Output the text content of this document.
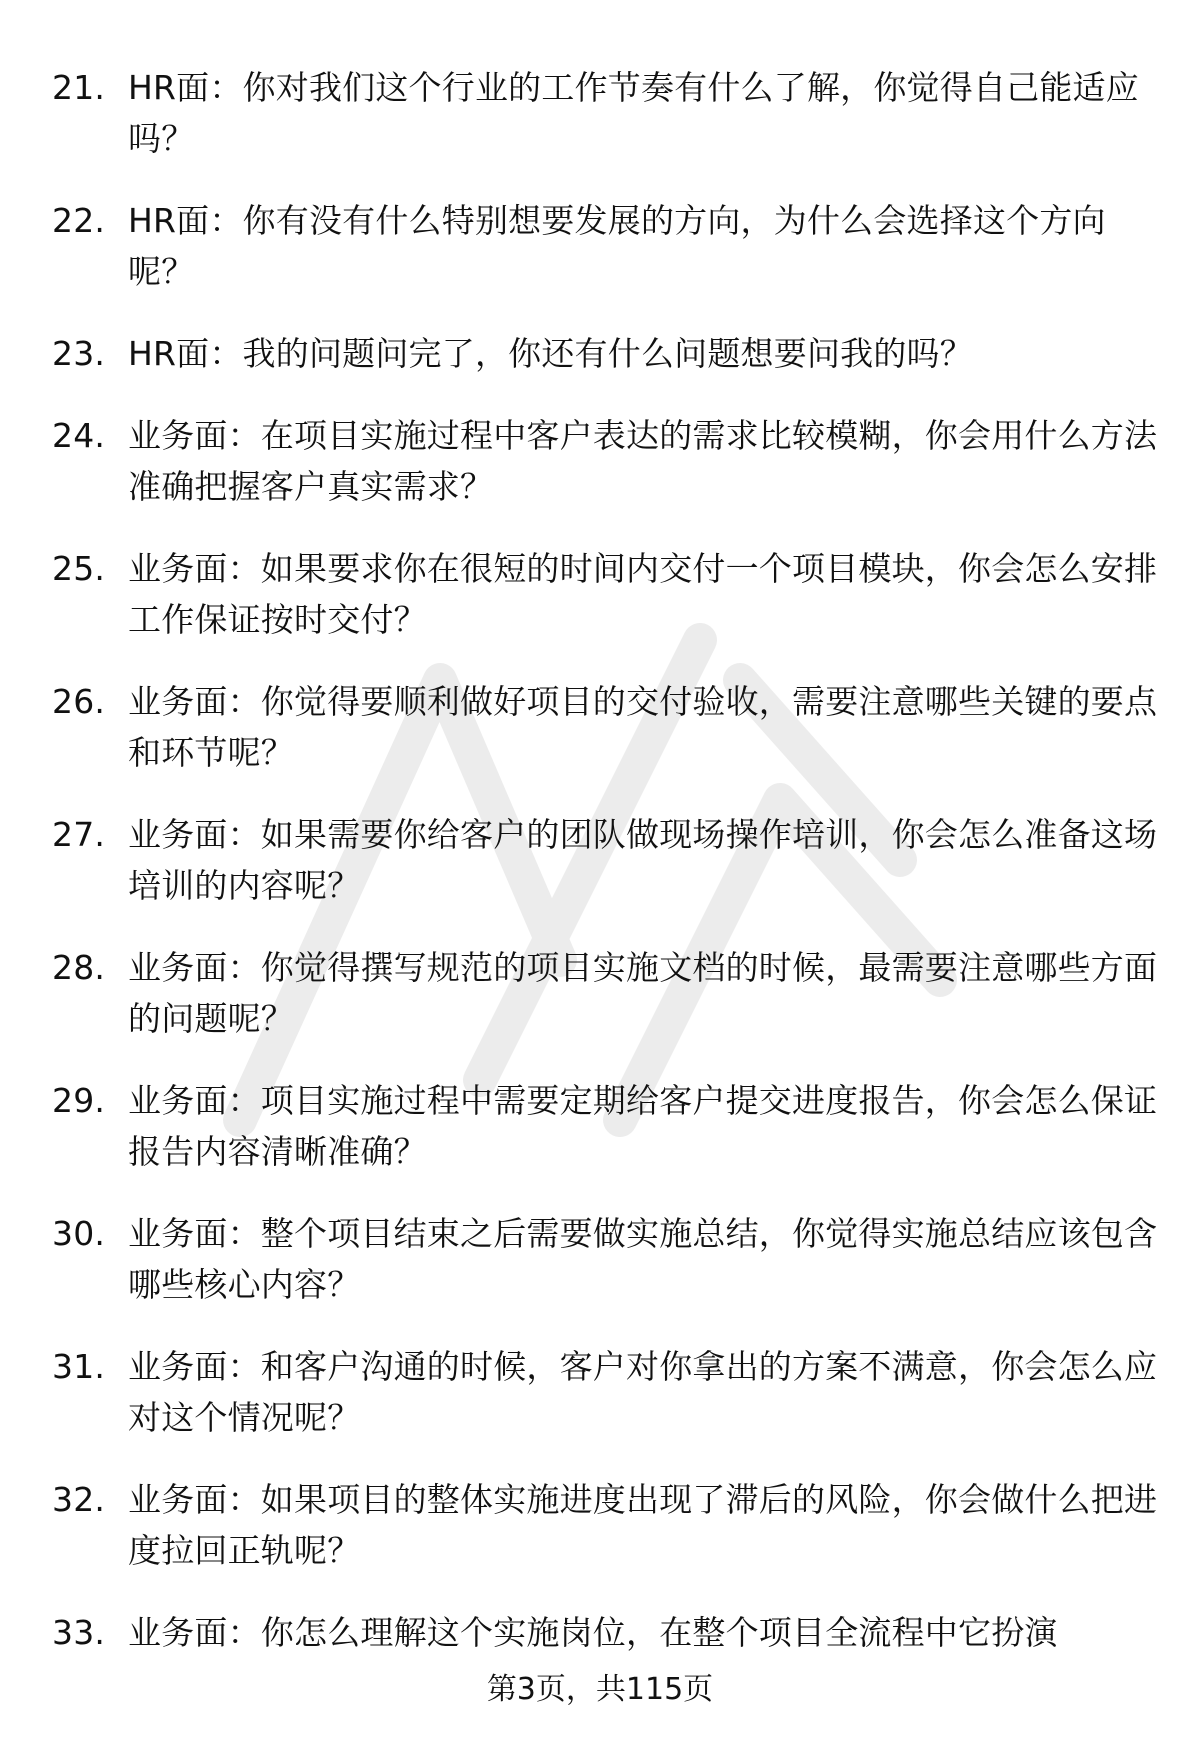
21. HR面：你对我们这个行业的工作节奏有什么了解，你觉得自己能适应吗？
22. HR面：你有没有什么特别想要发展的方向，为什么会选择这个方向呢？
23. HR面：我的问题问完了，你还有什么问题想要问我的吗？
24. 业务面：在项目实施过程中客户表达的需求比较模糊，你会用什么方法准确把握客户真实需求？
25. 业务面：如果要求你在很短的时间内交付一个项目模块，你会怎么安排工作保证按时交付？
26. 业务面：你觉得要顺利做好项目的交付验收，需要注意哪些关键的要点和环节呢？
27. 业务面：如果需要你给客户的团队做现场操作培训，你会怎么准备这场培训的内容呢？
28. 业务面：你觉得撰写规范的项目实施文档的时候，最需要注意哪些方面的问题呢？
29. 业务面：项目实施过程中需要定期给客户提交进度报告，你会怎么保证报告内容清晰准确？
30. 业务面：整个项目结束之后需要做实施总结，你觉得实施总结应该包含哪些核心内容？
31. 业务面：和客户沟通的时候，客户对你拿出的方案不满意，你会怎么应对这个情况呢？
32. 业务面：如果项目的整体实施进度出现了滞后的风险，你会做什么把进度拉回正轨呢？
33. 业务面：你怎么理解这个实施岗位，在整个项目全流程中它扮演
第3页，共115页
